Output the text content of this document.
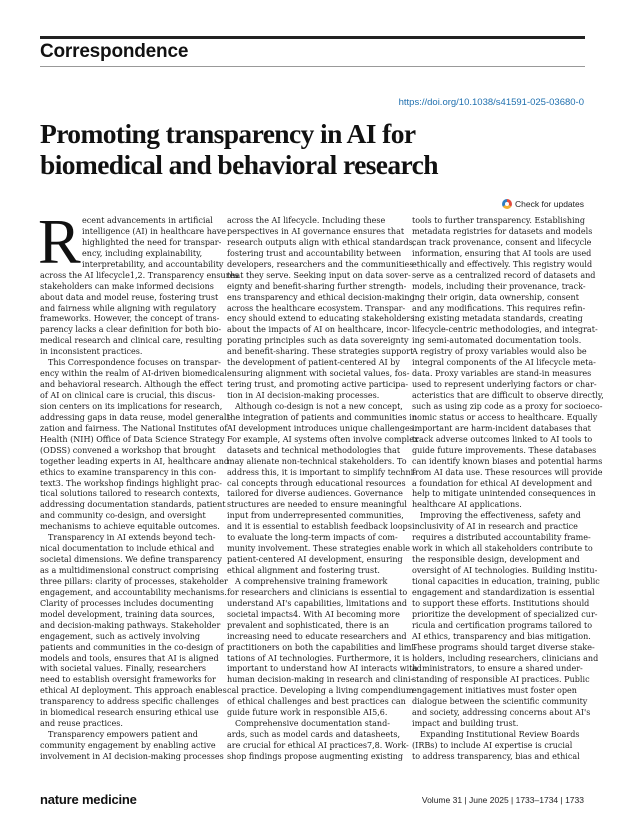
Correspondence
https://doi.org/10.1038/s41591-025-03680-0
Promoting transparency in AI for
biomedical and behavioral research
Check for updates
R ecent advancements in artificial
intelligence (AI) in healthcare have
highlighted the need for transpar-
ency, including explainability,
interpretability, and accountability
across the AI lifecycle1,2. Transparency ensures
stakeholders can make informed decisions
about data and model reuse, fostering trust
and fairness while aligning with regulatory
frameworks. However, the concept of trans-
parency lacks a clear definition for both bio-
medical research and clinical care, resulting
in inconsistent practices.
This Correspondence focuses on transpar-
ency within the realm of AI-driven biomedical
and behavioral research. Although the effect
of AI on clinical care is crucial, this discus-
sion centers on its implications for research,
addressing gaps in data reuse, model generali-
zation and fairness. The National Institutes of
Health (NIH) Office of Data Science Strategy
(ODSS) convened a workshop that brought
together leading experts in AI, healthcare and
ethics to examine transparency in this con-
text3. The workshop findings highlight prac-
tical solutions tailored to research contexts,
addressing documentation standards, patient
and community co-design, and oversight
mechanisms to achieve equitable outcomes.
Transparency in AI extends beyond tech-
nical documentation to include ethical and
societal dimensions. We define transparency
as a multidimensional construct comprising
three pillars: clarity of processes, stakeholder
engagement, and accountability mechanisms.
Clarity of processes includes documenting
model development, training data sources,
and decision-making pathways. Stakeholder
engagement, such as actively involving
patients and communities in the co-design of
models and tools, ensures that AI is aligned
with societal values. Finally, researchers
need to establish oversight frameworks for
ethical AI deployment. This approach enables
transparency to address specific challenges
in biomedical research ensuring ethical use
and reuse practices.
Transparency empowers patient and
community engagement by enabling active
involvement in AI decision-making processes
across the AI lifecycle. Including these
perspectives in AI governance ensures that
research outputs align with ethical standards,
fostering trust and accountability between
developers, researchers and the communities
that they serve. Seeking input on data sover-
eignty and benefit-sharing further strength-
ens transparency and ethical decision-making
across the healthcare ecosystem. Transpar-
ency should extend to educating stakeholders
about the impacts of AI on healthcare, incor-
porating principles such as data sovereignty
and benefit-sharing. These strategies support
the development of patient-centered AI by
ensuring alignment with societal values, fos-
tering trust, and promoting active participa-
tion in AI decision-making processes.
Although co-design is not a new concept,
the integration of patients and communities in
AI development introduces unique challenges.
For example, AI systems often involve complex
datasets and technical methodologies that
may alienate non-technical stakeholders. To
address this, it is important to simplify techni-
cal concepts through educational resources
tailored for diverse audiences. Governance
structures are needed to ensure meaningful
input from underrepresented communities,
and it is essential to establish feedback loops
to evaluate the long-term impacts of com-
munity involvement. These strategies enable
patient-centered AI development, ensuring
ethical alignment and fostering trust.
A comprehensive training framework
for researchers and clinicians is essential to
understand AI's capabilities, limitations and
societal impacts4. With AI becoming more
prevalent and sophisticated, there is an
increasing need to educate researchers and
practitioners on both the capabilities and limi-
tations of AI technologies. Furthermore, it is
important to understand how AI interacts with
human decision-making in research and clini-
cal practice. Developing a living compendium
of ethical challenges and best practices can
guide future work in responsible AI5,6.
Comprehensive documentation stand-
ards, such as model cards and datasheets,
are crucial for ethical AI practices7,8. Work-
shop findings propose augmenting existing
tools to further transparency. Establishing
metadata registries for datasets and models
can track provenance, consent and lifecycle
information, ensuring that AI tools are used
ethically and effectively. This registry would
serve as a centralized record of datasets and
models, including their provenance, track-
ing their origin, data ownership, consent
and any modifications. This requires refin-
ing existing metadata standards, creating
lifecycle-centric methodologies, and integrat-
ing semi-automated documentation tools.
A registry of proxy variables would also be
integral components of the AI lifecycle meta-
data. Proxy variables are stand-in measures
used to represent underlying factors or char-
acteristics that are difficult to observe directly,
such as using zip code as a proxy for socioeco-
nomic status or access to healthcare. Equally
important are harm-incident databases that
track adverse outcomes linked to AI tools to
guide future improvements. These databases
can identify known biases and potential harms
from AI data use. These resources will provide
a foundation for ethical AI development and
help to mitigate unintended consequences in
healthcare AI applications.
Improving the effectiveness, safety and
inclusivity of AI in research and practice
requires a distributed accountability frame-
work in which all stakeholders contribute to
the responsible design, development and
oversight of AI technologies. Building institu-
tional capacities in education, training, public
engagement and standardization is essential
to support these efforts. Institutions should
prioritize the development of specialized cur-
ricula and certification programs tailored to
AI ethics, transparency and bias mitigation.
These programs should target diverse stake-
holders, including researchers, clinicians and
administrators, to ensure a shared under-
standing of responsible AI practices. Public
engagement initiatives must foster open
dialogue between the scientific community
and society, addressing concerns about AI's
impact and building trust.
Expanding Institutional Review Boards
(IRBs) to include AI expertise is crucial
to address transparency, bias and ethical
nature medicine	Volume 31 | June 2025 | 1733–1734 | 1733
